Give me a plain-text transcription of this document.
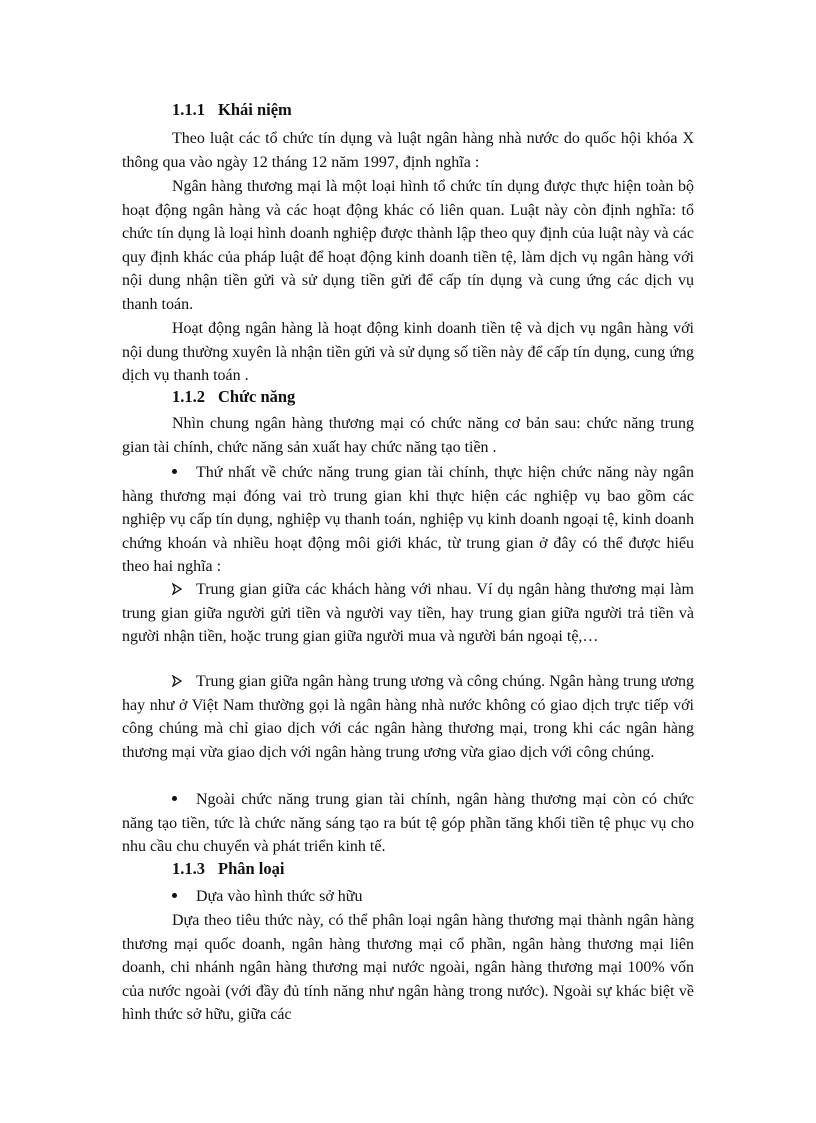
1.1.1 Khái niệm

Theo luật các tổ chức tín dụng và luật ngân hàng nhà nước do quốc hội khóa X thông qua vào ngày 12 tháng 12 năm 1997, định nghĩa :

Ngân hàng thương mại là một loại hình tổ chức tín dụng được thực hiện toàn bộ hoạt động ngân hàng và các hoạt động khác có liên quan. Luật này còn định nghĩa: tổ chức tín dụng là loại hình doanh nghiệp được thành lập theo quy định của luật này và các quy định khác của pháp luật để hoạt động kinh doanh tiền tệ, làm dịch vụ ngân hàng với nội dung nhận tiền gửi và sử dụng tiền gửi để cấp tín dụng và cung ứng các dịch vụ thanh toán.

Hoạt động ngân hàng là hoạt động kinh doanh tiền tệ và dịch vụ ngân hàng với nội dung thường xuyên là nhận tiền gửi và sử dụng số tiền này để cấp tín dụng, cung ứng dịch vụ thanh toán .

1.1.2 Chức năng

Nhìn chung ngân hàng thương mại có chức năng cơ bản sau: chức năng trung gian tài chính, chức năng sản xuất hay chức năng tạo tiền .

Thứ nhất về chức năng trung gian tài chính, thực hiện chức năng này ngân hàng thương mại đóng vai trò trung gian khi thực hiện các nghiệp vụ bao gồm các nghiệp vụ cấp tín dụng, nghiệp vụ thanh toán, nghiệp vụ kinh doanh ngoại tệ, kinh doanh chứng khoán và nhiều hoạt động môi giới khác, từ trung gian ở đây có thể được hiểu theo hai nghĩa :
Trung gian giữa các khách hàng với nhau. Ví dụ ngân hàng thương mại làm trung gian giữa người gửi tiền và người vay tiền, hay trung gian giữa người trả tiền và người nhận tiền, hoặc trung gian giữa người mua và người bán ngoại tệ,…
Trung gian giữa ngân hàng trung ương và công chúng. Ngân hàng trung ương hay như ở Việt Nam thường gọi là ngân hàng nhà nước không có giao dịch trực tiếp với công chúng mà chỉ giao dịch với các ngân hàng thương mại, trong khi các ngân hàng thương mại vừa giao dịch với ngân hàng trung ương vừa giao dịch với công chúng.
Ngoài chức năng trung gian tài chính, ngân hàng thương mại còn có chức năng tạo tiền, tức là chức năng sáng tạo ra bút tệ góp phần tăng khối tiền tệ phục vụ cho nhu cầu chu chuyển và phát triển kinh tế.
1.1.3 Phân loại
Dựa vào hình thức sở hữu

Dựa theo tiêu thức này, có thể phân loại ngân hàng thương mại thành ngân hàng thương mại quốc doanh, ngân hàng thương mại cổ phần, ngân hàng thương mại liên doanh, chi nhánh ngân hàng thương mại nước ngoài, ngân hàng thương mại 100% vốn của nước ngoài (với đầy đủ tính năng như ngân hàng trong nước). Ngoài sự khác biệt về hình thức sở hữu, giữa các
